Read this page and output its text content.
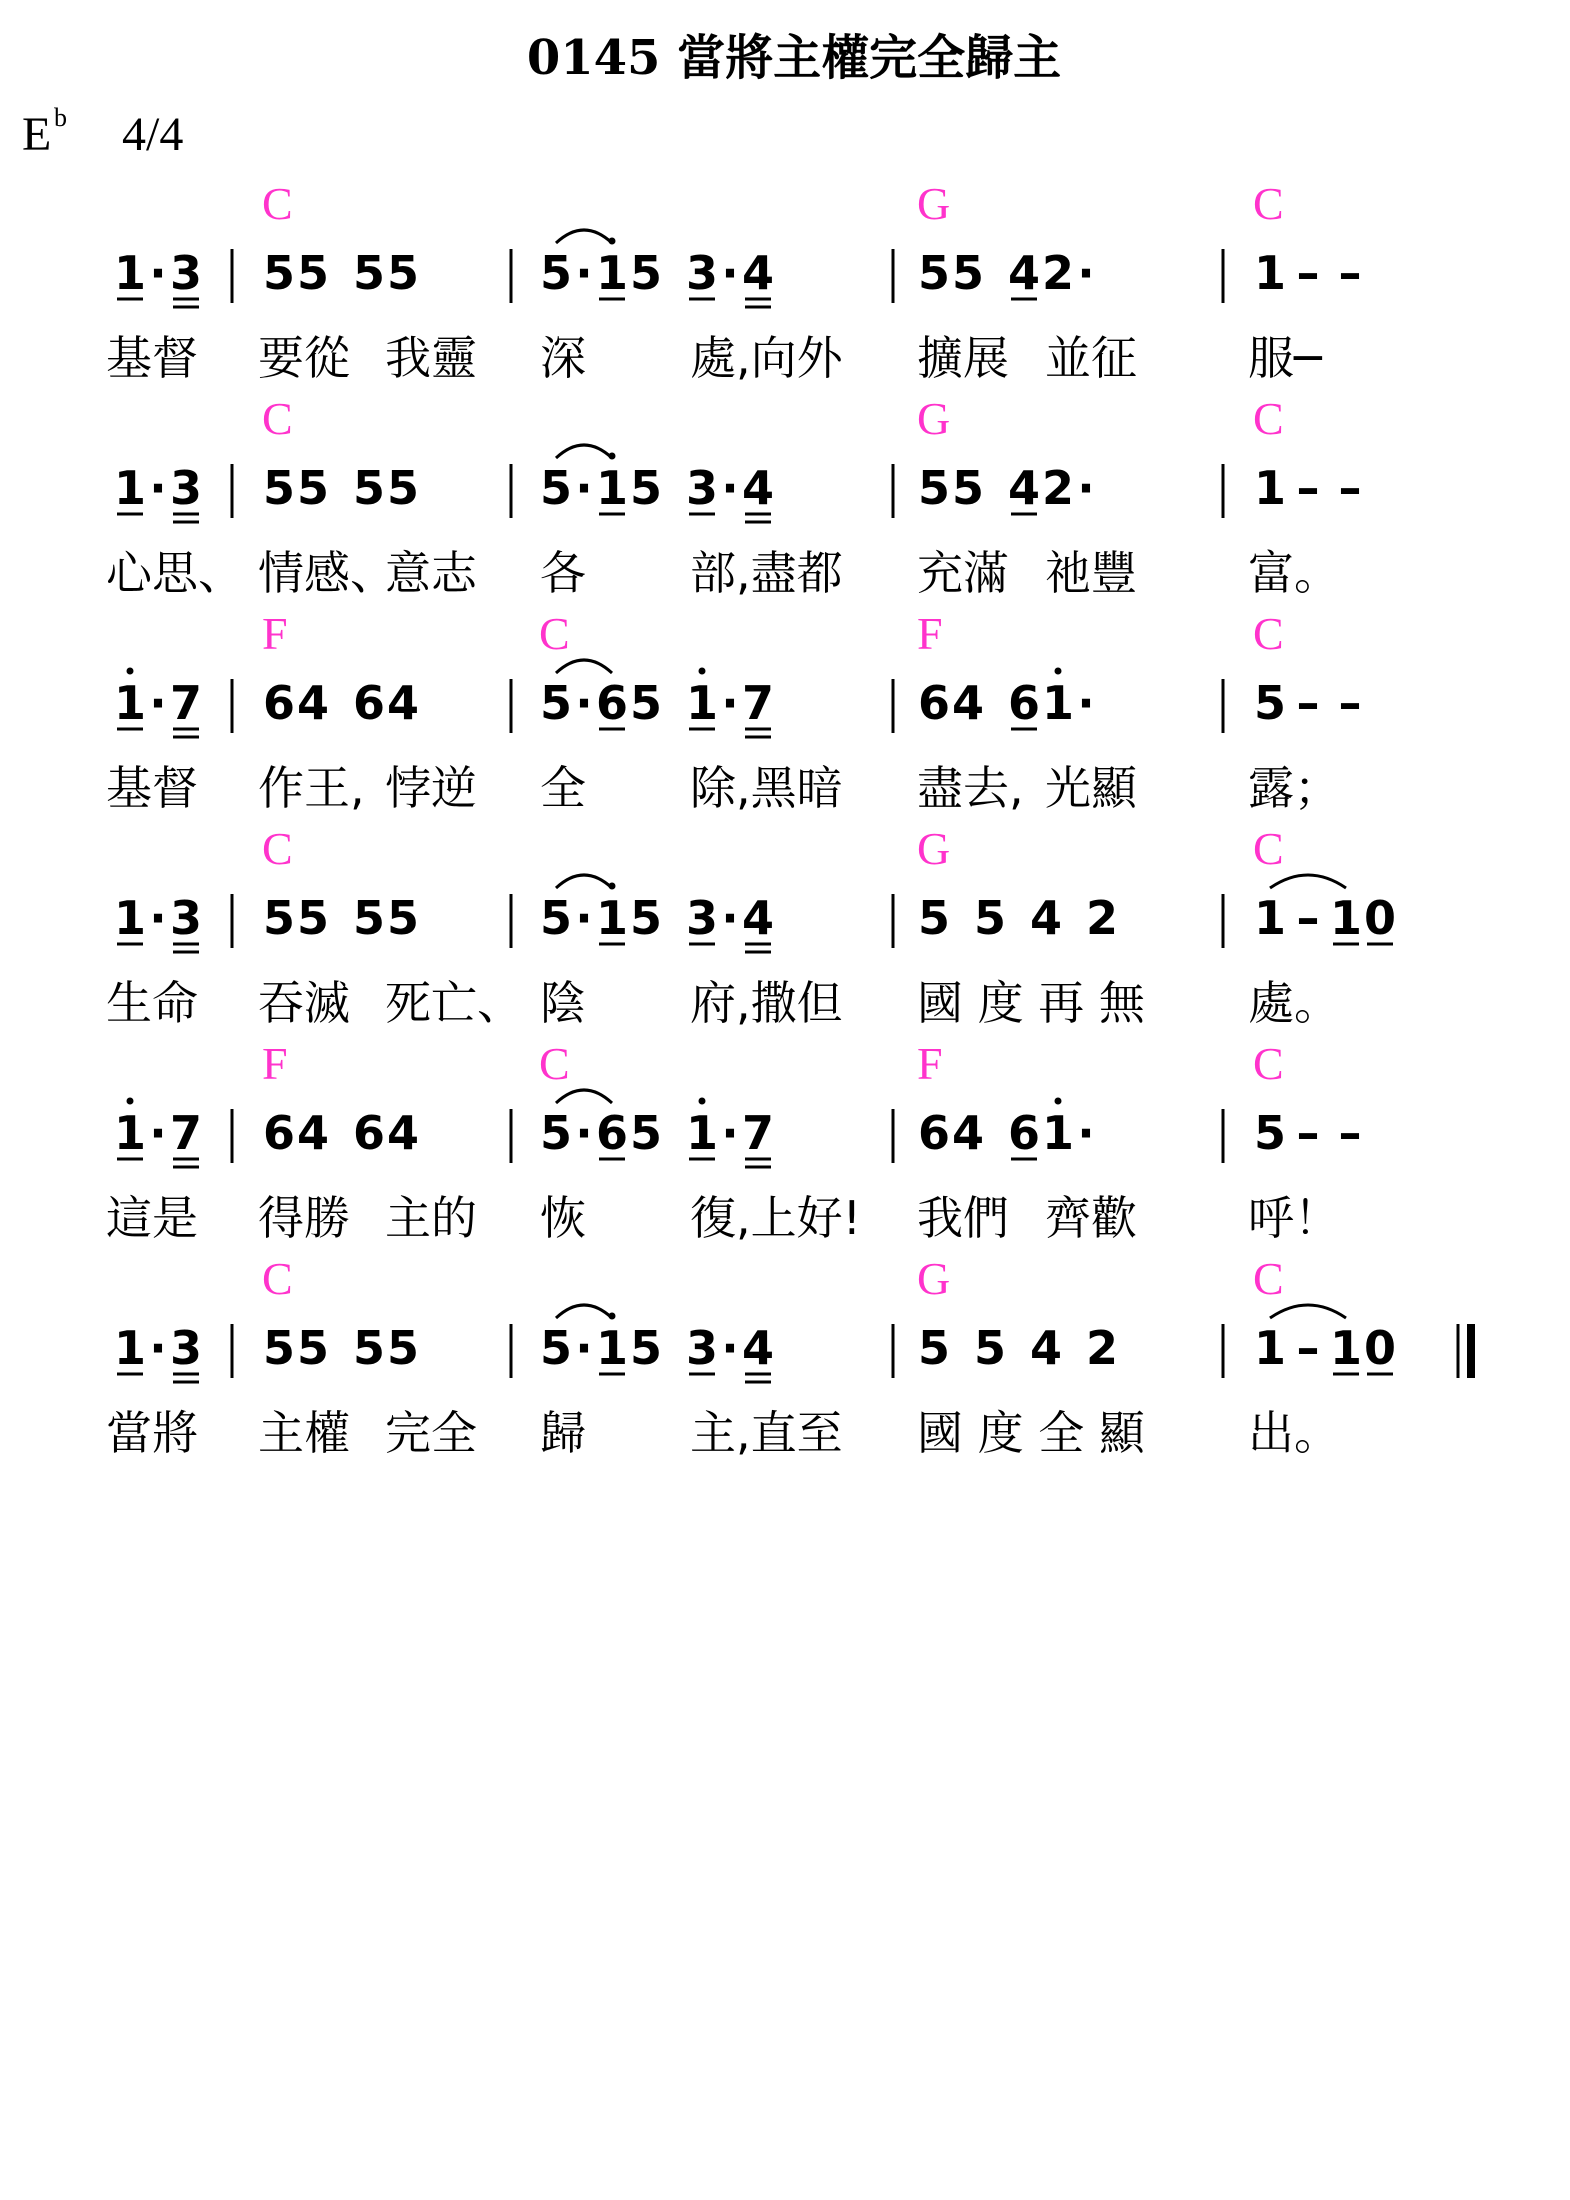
0145 當將主權完全歸主
E b 4/4
C	G	C
1 · 3 5 5 5 5	5 · 1 5 3 · 4	5 5 4 2 ·	1 – –
基督 要從 我靈 深 處,向外 擴展 並征 服─
C	G	C
1 · 3 5 5 5 5	5 · 1 5 3 · 4	5 5 4 2 ·	1 – –
心思、 情感、
意志 各 部,盡都 充滿 祂豐 富。
F	C	F	C
1 · 7 6 4 6 4	5 · 6 5 1 · 7	6 4 6 1 ·	5 – –
基督 作王, 悖逆 全 除,黑暗 盡去, 光顯 露；
C	G	C
1 · 3 5 5 5 5	5 · 1 5 3 · 4	5 5 4 2	1 – 1 0
生命 吞滅 死亡、 陰 府,撒但 國 度 再 無 處。
F	C	F	C
1 · 7 6 4 6 4	5 · 6 5 1 · 7	6 4 6 1 ·	5 – –
這是 得勝 主的 恢 復,上好! 我們 齊歡 呼！
C	G	C
1 · 3 5 5 5 5	5 · 1 5 3 · 4	5 5 4 2	1 – 1 0
當將 主權 完全 歸 主,直至 國 度 全 顯 出。
